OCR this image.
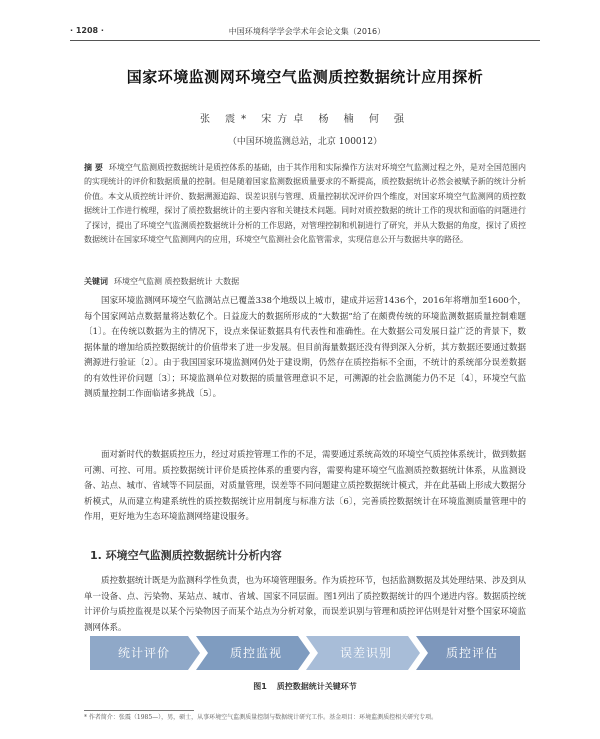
· 1208 ·	中国环境科学学会学术年会论文集（2016）
国家环境监测网环境空气监测质控数据统计应用探析
张 震* 宋方卓 杨 楠 何 强
（中国环境监测总站，北京 100012）
摘 要 环境空气监测质控数据统计是质控体系的基础，由于其作用和实际操作方法对环境空气监测过程之外，是对全国范围内的实现统计的评价和数据质量的控制。但是随着国家监测数据质量要求的不断提高，质控数据统计必然会被赋予新的统计分析价值。本文从质控统计评价、数据溯源追踪、误差识别与管理、质量控制状况评价四个维度，对国家环境空气监测网的质控数据统计工作进行梳理，探讨了质控数据统计的主要内容和关键技术问题。同时对质控数据的统计工作的现状和面临的问题进行了探讨，提出了环境空气监测质控数据统计分析的工作思路，对管理控制和机制进行了研究，并从大数据的角度，探讨了质控数据统计在国家环境空气监测网内的应用，环境空气监测社会化监管需求，实现信息公开与数据共享的路径。
关键词 环境空气监测 质控数据统计 大数据

国家环境监测网环境空气监测站点已覆盖338个地级以上城市，建成并运营1436个，2016年将增加至1600个，每个国家网站点数据量将达数亿个。日益庞大的数据所形成的“大数据”给了在颇费传统的环境监测数据质量控制难题〔1〕。在传统以数据为主的情况下，设点来保证数据具有代表性和准确性。在大数据公司发展日益广泛的背景下，数据体量的增加给质控数据统计的价值带来了进一步发展。但目前海量数据还没有得到深入分析，其方数据还要通过数据溯源进行验证〔2〕。由于我国国家环境监测网仍处于建设期，仍然存在质控指标不全面，不统计的系统部分误差数据的有效性评价问题〔3〕；环境监测单位对数据的质量管理意识不足，可溯源的社会监测能力仍不足〔4〕，环境空气监测质量控制工作面临诸多挑战〔5〕。

面对新时代的数据质控压力，经过对质控管理工作的不足，需要通过系统高效的环境空气质控体系统计，做到数据可溯、可控、可用。质控数据统计评价是质控体系的重要内容，需要构建环境空气监测质控数据统计体系，从监测设备、站点、城市、省域等不同层面，对质量管理，误差等不同问题建立质控数据统计模式，并在此基础上形成大数据分析模式，从而建立构建系统性的质控数据统计应用制度与标准方法〔6〕，完善质控数据统计在环境监测质量管理中的作用，更好地为生态环境监测网络建设服务。

1. 环境空气监测质控数据统计分析内容

质控数据统计既是为监测科学性负责，也为环境管理服务。作为质控环节，包括监测数据及其处理结果、涉及到从单一设备、点、污染物、某站点、城市、省域、国家不同层面。图1列出了质控数据统计的四个递进内容。数据质控统计评价与质控监视是以某个污染物因子而某个站点为分析对象，而误差识别与管理和质控评估则是针对整个国家环境监测网体系。

统计评价	质控监视	误差识别	质控评估
图1 质控数据统计关键环节
* 作者简介：张震（1985—），男，硕士，从事环境空气监测质量控制与数据统计研究工作。基金项目：环境监测质控相关研究专项。
